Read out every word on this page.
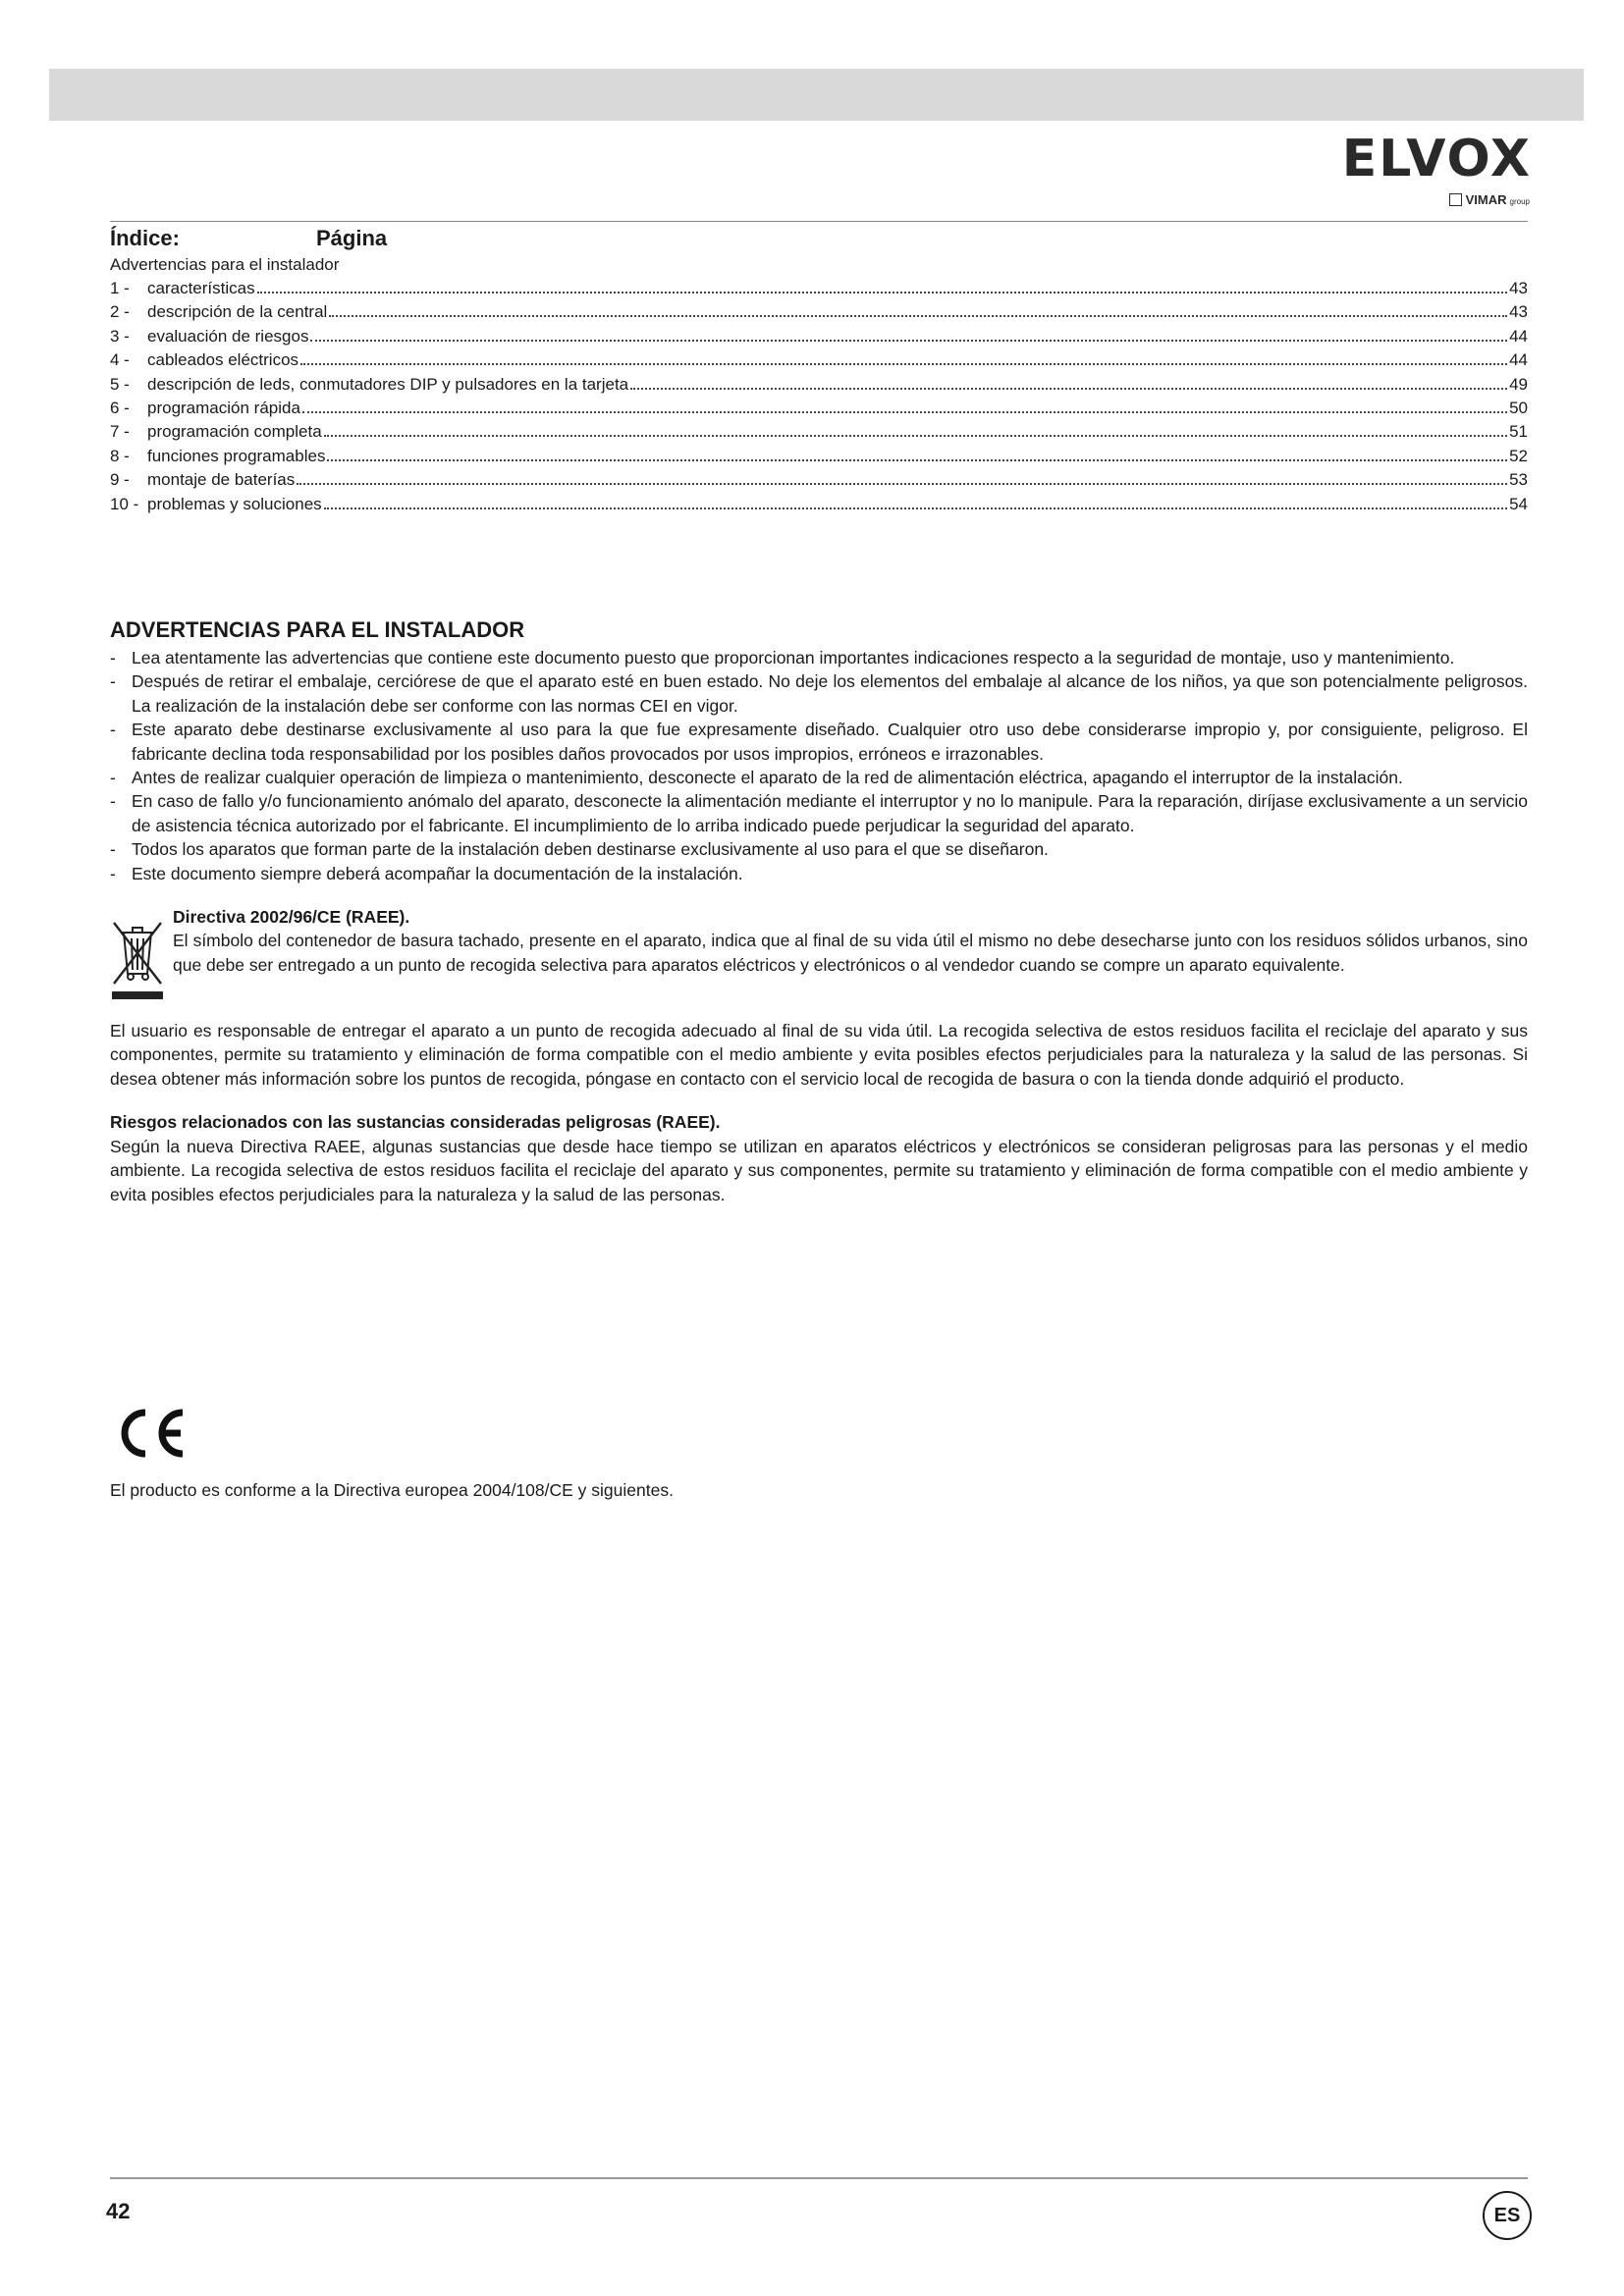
ELVOX
VIMAR group
Índice:	Página
Advertencias para el instalador
1 -	características	43
2 -	descripción de la central	43
3 -	evaluación de riesgos	44
4 -	cableados eléctricos	44
5 -	descripción de leds, conmutadores DIP y pulsadores en la tarjeta	49
6 -	programación rápida	50
7 -	programación completa	51
8 -	funciones programables	52
9 -	montaje de baterías	53
10 - problemas y soluciones	54
ADVERTENCIAS PARA EL INSTALADOR
- Lea atentamente las advertencias que contiene este documento puesto que proporcionan importantes indicaciones respecto a la seguridad de montaje, uso y mantenimiento.
- Después de retirar el embalaje, cerciórese de que el aparato esté en buen estado. No deje los elementos del embalaje al alcance de los niños, ya que son potencialmente peligrosos. La realización de la instalación debe ser conforme con las normas CEI en vigor.
- Este aparato debe destinarse exclusivamente al uso para la que fue expresamente diseñado. Cualquier otro uso debe considerarse impropio y, por consiguiente, peligroso. El fabricante declina toda responsabilidad por los posibles daños provocados por usos impropios, erróneos e irrazonables.
- Antes de realizar cualquier operación de limpieza o mantenimiento, desconecte el aparato de la red de alimentación eléctrica, apagando el interruptor de la instalación.
- En caso de fallo y/o funcionamiento anómalo del aparato, desconecte la alimentación mediante el interruptor y no lo manipule. Para la reparación, diríjase exclusivamente a un servicio de asistencia técnica autorizado por el fabricante. El incumplimiento de lo arriba indicado puede perjudicar la seguridad del aparato.
- Todos los aparatos que forman parte de la instalación deben destinarse exclusivamente al uso para el que se diseñaron.
- Este documento siempre deberá acompañar la documentación de la instalación.
Directiva 2002/96/CE (RAEE).
El símbolo del contenedor de basura tachado, presente en el aparato, indica que al final de su vida útil el mismo no debe desecharse junto con los residuos sólidos urbanos, sino que debe ser entregado a un punto de recogida selectiva para aparatos eléctricos y electrónicos o al vendedor cuando se compre un aparato equivalente.
El usuario es responsable de entregar el aparato a un punto de recogida adecuado al final de su vida útil. La recogida selectiva de estos residuos facilita el reciclaje del aparato y sus componentes, permite su tratamiento y eliminación de forma compatible con el medio ambiente y evita posibles efectos perjudiciales para la naturaleza y la salud de las personas. Si desea obtener más información sobre los puntos de recogida, póngase en contacto con el servicio local de recogida de basura o con la tienda donde adquirió el producto.
Riesgos relacionados con las sustancias consideradas peligrosas (RAEE).
Según la nueva Directiva RAEE, algunas sustancias que desde hace tiempo se utilizan en aparatos eléctricos y electrónicos se consideran peligrosas para las personas y el medio ambiente. La recogida selectiva de estos residuos facilita el reciclaje del aparato y sus componentes, permite su tratamiento y eliminación de forma compatible con el medio ambiente y evita posibles efectos perjudiciales para la naturaleza y la salud de las personas.
El producto es conforme a la Directiva europea 2004/108/CE y siguientes.
42	ES
